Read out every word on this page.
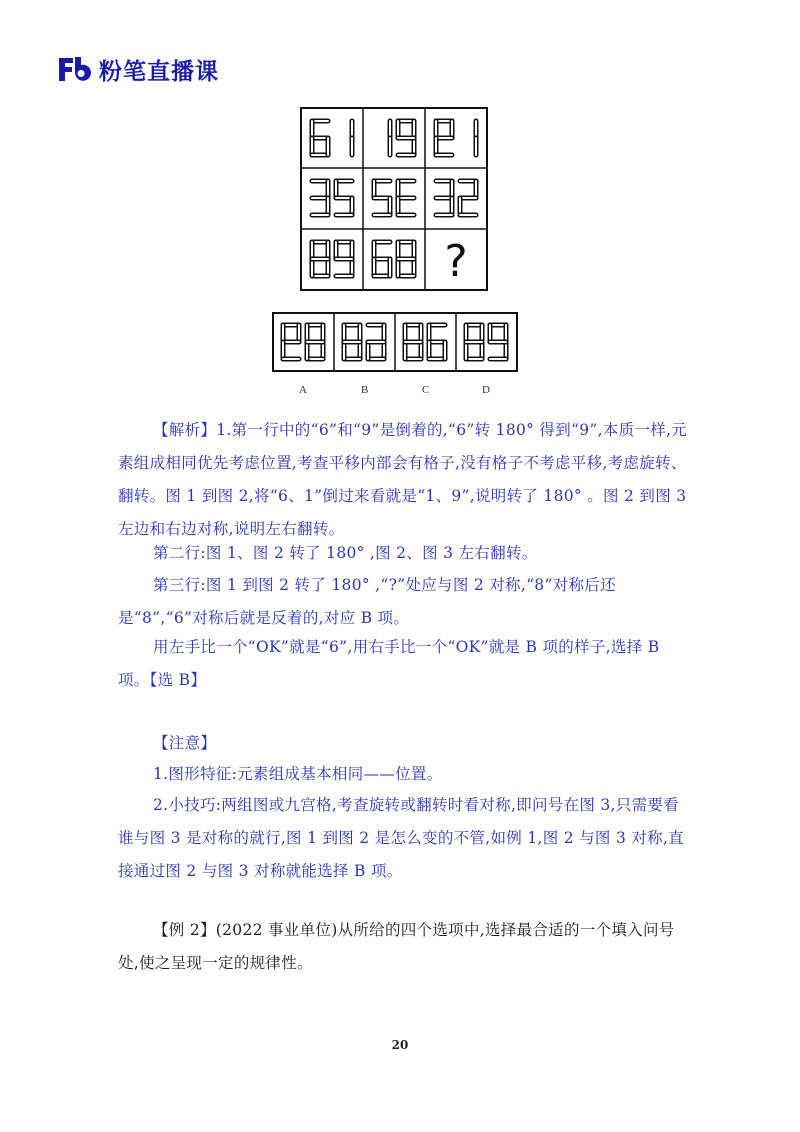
粉笔直播课
?
A	B	C	D

【解析】1.第一行中的“6”和“9”是倒着的,“6”转 180° 得到“9”,本质一样,元素组成相同优先考虑位置,考查平移内部会有格子,没有格子不考虑平移,考虑旋转、翻转。图 1 到图 2,将“6、1”倒过来看就是“1、9”,说明转了 180° 。图 2 到图 3 左边和右边对称,说明左右翻转。

第二行:图 1、图 2 转了 180° ,图 2、图 3 左右翻转。

第三行:图 1 到图 2 转了 180° ,“?”处应与图 2 对称,“8”对称后还是“8”,“6”对称后就是反着的,对应 B 项。

用左手比一个“OK”就是“6”,用右手比一个“OK”就是 B 项的样子,选择 B 项。【选 B】

【注意】

1.图形特征:元素组成基本相同——位置。

2.小技巧:两组图或九宫格,考查旋转或翻转时看对称,即问号在图 3,只需要看谁与图 3 是对称的就行,图 1 到图 2 是怎么变的不管,如例 1,图 2 与图 3 对称,直接通过图 2 与图 3 对称就能选择 B 项。

【例 2】(2022 事业单位)从所给的四个选项中,选择最合适的一个填入问号处,使之呈现一定的规律性。

20
